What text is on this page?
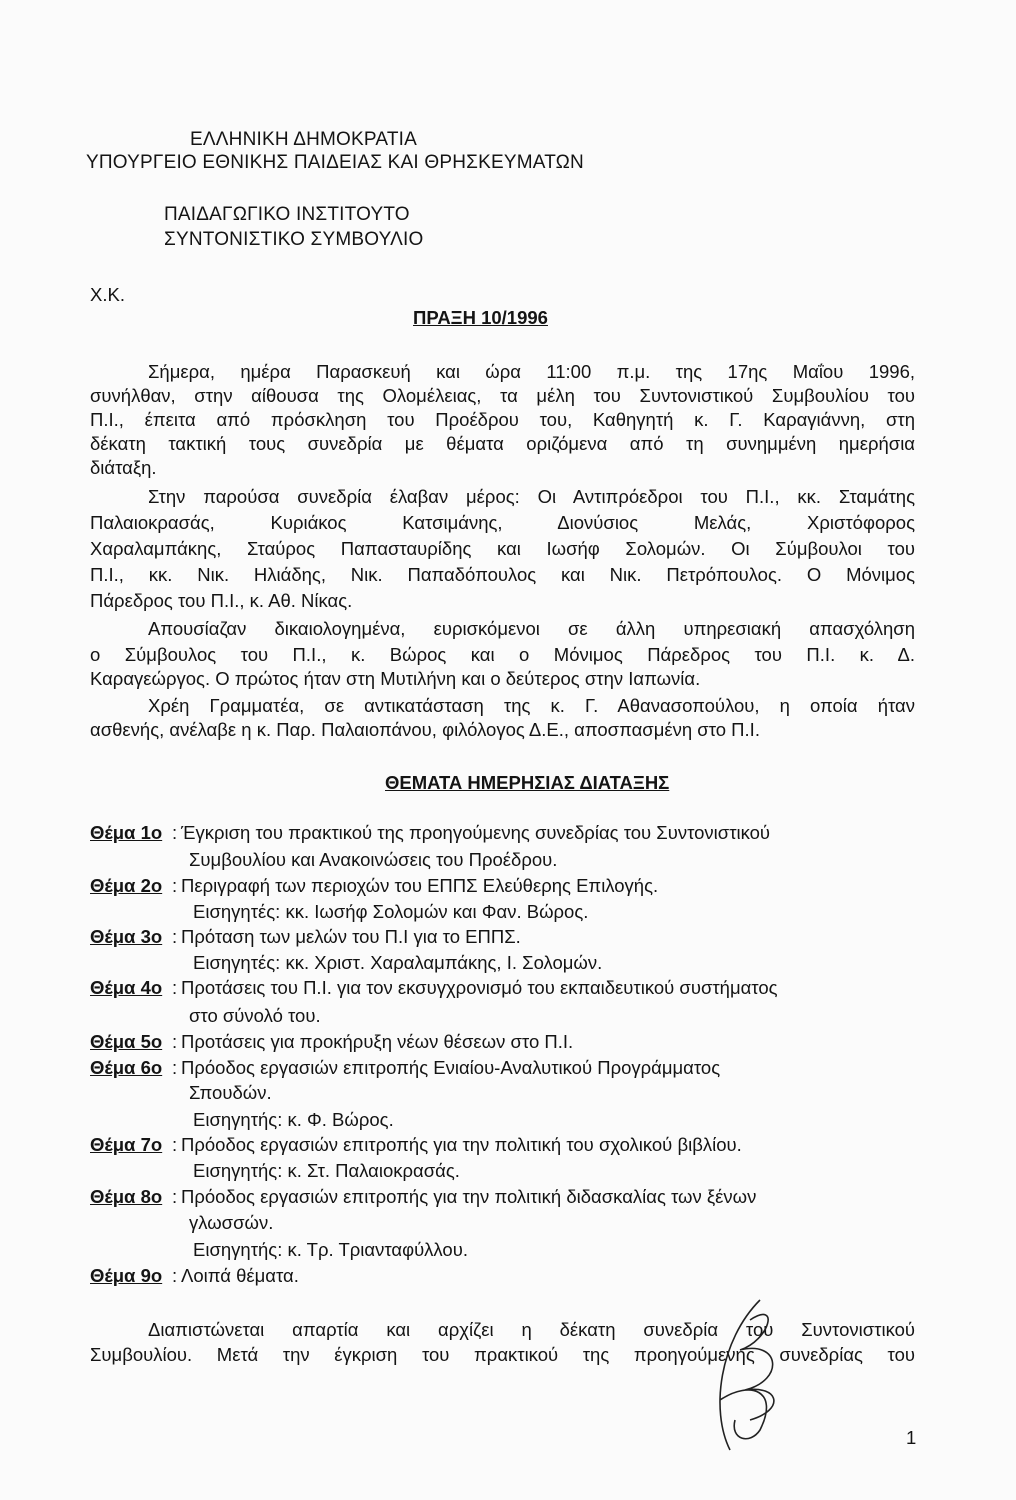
ΕΛΛΗΝΙΚΗ ΔΗΜΟΚΡΑΤΙΑ
ΥΠΟΥΡΓΕΙΟ ΕΘΝΙΚΗΣ ΠΑΙΔΕΙΑΣ ΚΑΙ ΘΡΗΣΚΕΥΜΑΤΩΝ
ΠΑΙΔΑΓΩΓΙΚΟ ΙΝΣΤΙΤΟΥΤΟ
ΣΥΝΤΟΝΙΣΤΙΚΟ ΣΥΜΒΟΥΛΙΟ
Χ.Κ.
ΠΡΑΞΗ 10/1996
Σήμερα, ημέρα Παρασκευή και ώρα 11:00 π.μ. της 17ης Μαΐου 1996,
συνήλθαν, στην αίθουσα της Ολομέλειας, τα μέλη του Συντονιστικού Συμβουλίου του
Π.Ι., έπειτα από πρόσκληση του Προέδρου του, Καθηγητή κ. Γ. Καραγιάννη, στη
δέκατη τακτική τους συνεδρία με θέματα οριζόμενα από τη συνημμένη ημερήσια
διάταξη.
Στην παρούσα συνεδρία έλαβαν μέρος: Οι Αντιπρόεδροι του Π.Ι., κκ. Σταμάτης
Παλαιοκρασάς, Κυριάκος Κατσιμάνης, Διονύσιος Μελάς, Χριστόφορος
Χαραλαμπάκης, Σταύρος Παπασταυρίδης και Ιωσήφ Σολομών. Οι Σύμβουλοι του
Π.Ι., κκ. Νικ. Ηλιάδης, Νικ. Παπαδόπουλος και Νικ. Πετρόπουλος. Ο Μόνιμος
Πάρεδρος του Π.Ι., κ. Αθ. Νίκας.
Απουσίαζαν δικαιολογημένα, ευρισκόμενοι σε άλλη υπηρεσιακή απασχόληση
ο Σύμβουλος του Π.Ι., κ. Βώρος και ο Μόνιμος Πάρεδρος του Π.Ι. κ. Δ.
Καραγεώργος. Ο πρώτος ήταν στη Μυτιλήνη και ο δεύτερος στην Ιαπωνία.
Χρέη Γραμματέα, σε αντικατάσταση της κ. Γ. Αθανασοπούλου, η οποία ήταν
ασθενής, ανέλαβε η κ. Παρ. Παλαιοπάνου, φιλόλογος Δ.Ε., αποσπασμένη στο Π.Ι.
ΘΕΜΑΤΑ ΗΜΕΡΗΣΙΑΣ ΔΙΑΤΑΞΗΣ
Θέμα 1ο : Έγκριση του πρακτικού της προηγούμενης συνεδρίας του Συντονιστικού
Συμβουλίου και Ανακοινώσεις του Προέδρου.
Θέμα 2ο : Περιγραφή των περιοχών του ΕΠΠΣ Ελεύθερης Επιλογής.
Εισηγητές: κκ. Ιωσήφ Σολομών και Φαν. Βώρος.
Θέμα 3ο : Πρόταση των μελών του Π.Ι για το ΕΠΠΣ.
Εισηγητές: κκ. Χριστ. Χαραλαμπάκης, Ι. Σολομών.
Θέμα 4ο : Προτάσεις του Π.Ι. για τον εκσυγχρονισμό του εκπαιδευτικού συστήματος
στο σύνολό του.
Θέμα 5ο : Προτάσεις για προκήρυξη νέων θέσεων στο Π.Ι.
Θέμα 6ο : Πρόοδος εργασιών επιτροπής Ενιαίου-Αναλυτικού Προγράμματος
Σπουδών.
Εισηγητής: κ. Φ. Βώρος.
Θέμα 7ο : Πρόοδος εργασιών επιτροπής για την πολιτική του σχολικού βιβλίου.
Εισηγητής: κ. Στ. Παλαιοκρασάς.
Θέμα 8ο : Πρόοδος εργασιών επιτροπής για την πολιτική διδασκαλίας των ξένων
γλωσσών.
Εισηγητής: κ. Τρ. Τριανταφύλλου.
Θέμα 9ο : Λοιπά θέματα.
Διαπιστώνεται απαρτία και αρχίζει η δέκατη συνεδρία του Συντονιστικού
Συμβουλίου. Μετά την έγκριση του πρακτικού της προηγούμενης συνεδρίας του
1
